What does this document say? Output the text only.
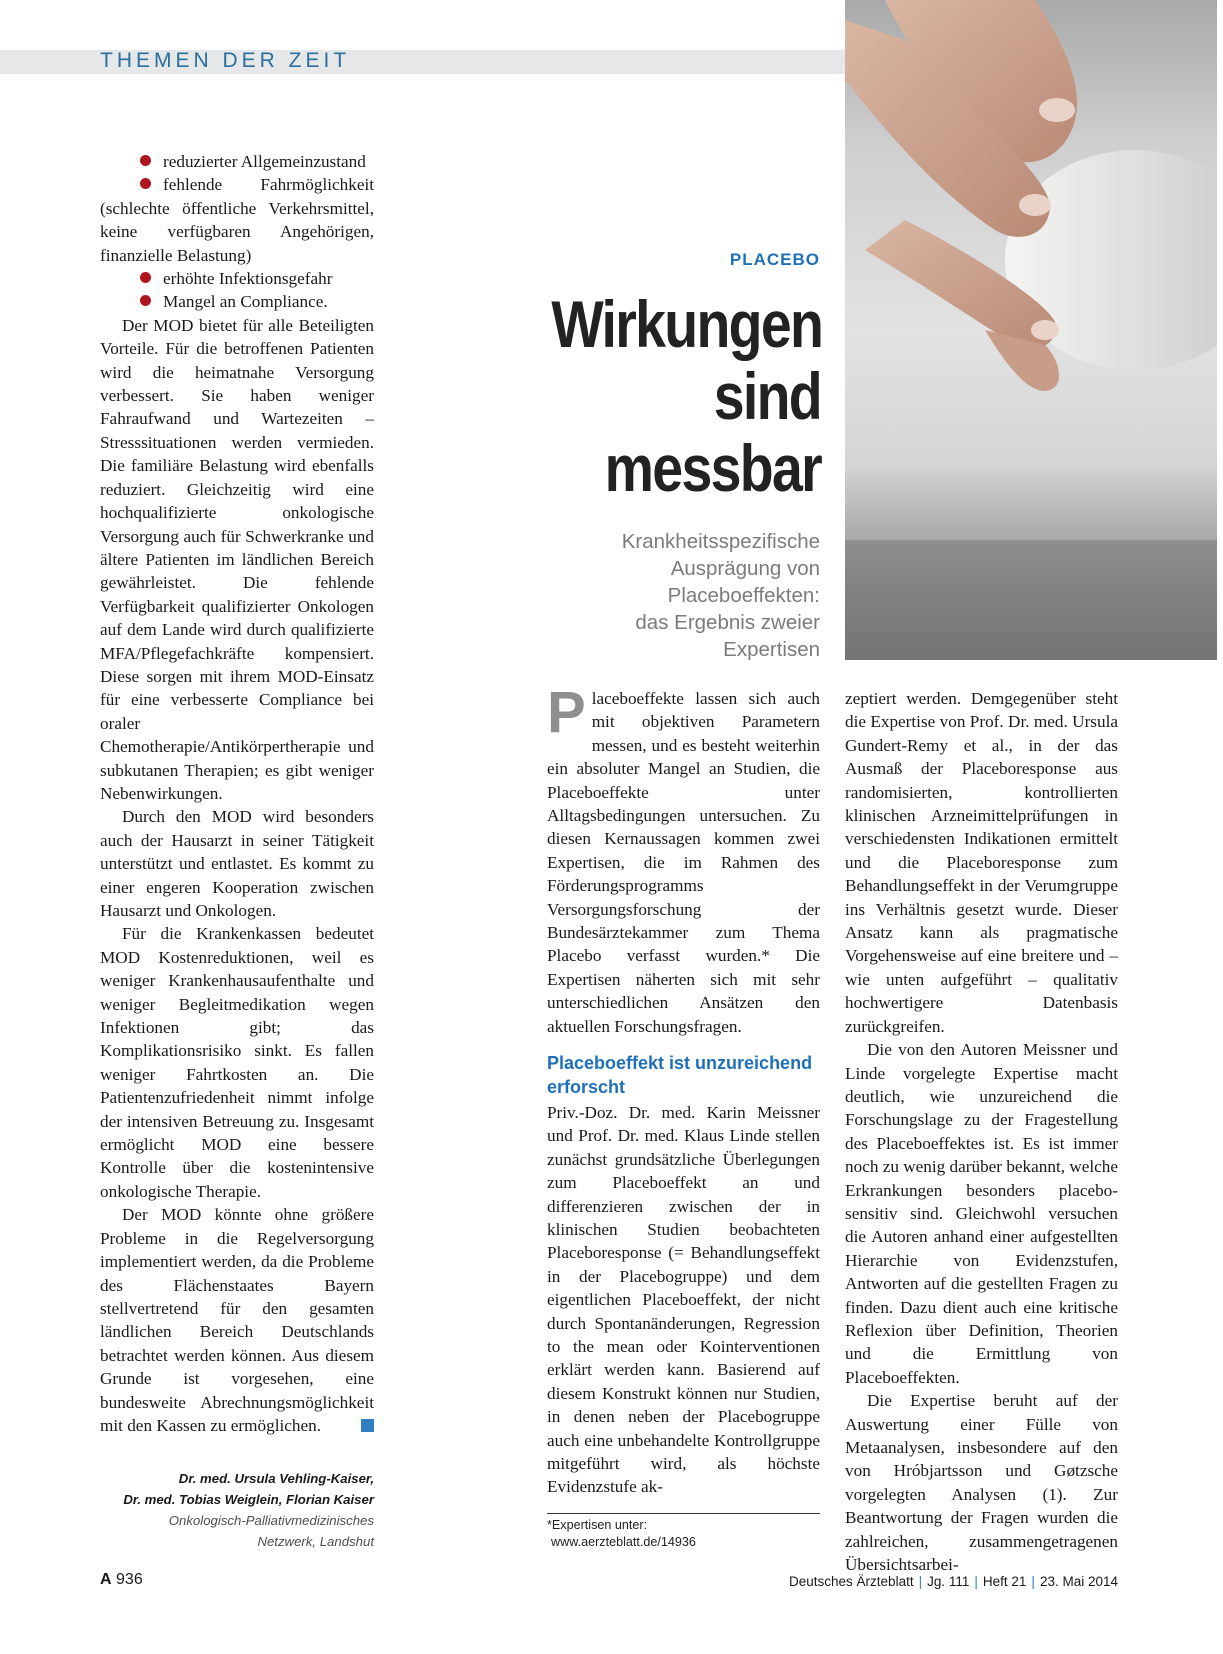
THEMEN DER ZEIT

reduzierter Allgemeinzustand

fehlende Fahrmöglichkeit (schlechte öffentliche Verkehrsmittel, keine verfügbaren Angehörigen, finanzielle Belastung)

erhöhte Infektionsgefahr

Mangel an Compliance.

Der MOD bietet für alle Beteiligten Vorteile. Für die betroffenen Patienten wird die heimatnahe Versorgung verbessert. Sie haben weniger Fahraufwand und Wartezeiten – Stresssituationen werden vermieden. Die familiäre Belastung wird ebenfalls reduziert. Gleichzeitig wird eine hochqualifizierte onkologische Versorgung auch für Schwerkranke und ältere Patienten im ländlichen Bereich gewährleistet. Die fehlende Verfügbarkeit qualifizierter Onkologen auf dem Lande wird durch qualifizierte MFA/Pflegefachkräfte kompensiert. Diese sorgen mit ihrem MOD-Einsatz für eine verbesserte Compliance bei oraler Chemotherapie/Antikörpertherapie und subkutanen Therapien; es gibt weniger Nebenwirkungen.

Durch den MOD wird besonders auch der Hausarzt in seiner Tätigkeit unterstützt und entlastet. Es kommt zu einer engeren Kooperation zwischen Hausarzt und Onkologen.

Für die Krankenkassen bedeutet MOD Kostenreduktionen, weil es weniger Krankenhausaufenthalte und weniger Begleitmedikation wegen Infektionen gibt; das Komplikationsrisiko sinkt. Es fallen weniger Fahrtkosten an. Die Patientenzufriedenheit nimmt infolge der intensiven Betreuung zu. Insgesamt ermöglicht MOD eine bessere Kontrolle über die kostenintensive onkologische Therapie.

Der MOD könnte ohne größere Probleme in die Regelversorgung implementiert werden, da die Probleme des Flächenstaates Bayern stellvertretend für den gesamten ländlichen Bereich Deutschlands betrachtet werden können. Aus diesem Grunde ist vorgesehen, eine bundesweite Abrechnungsmöglichkeit mit den Kassen zu ermöglichen.

Dr. med. Ursula Vehling-Kaiser,
Dr. med. Tobias Weiglein, Florian Kaiser
Onkologisch-Palliativmedizinisches
Netzwerk, Landshut
PLACEBO
Wirkungen
sind
messbar
Krankheitsspezifische
Ausprägung von
Placeboeffekten:
das Ergebnis zweier
Expertisen

Placeboeffekte lassen sich auch mit objektiven Parametern messen, und es besteht weiterhin ein absoluter Mangel an Studien, die Placeboeffekte unter Alltagsbedingungen untersuchen. Zu diesen Kernaussagen kommen zwei Expertisen, die im Rahmen des Förderungsprogramms Versorgungsforschung der Bundesärztekammer zum Thema Placebo verfasst wurden.* Die Expertisen näherten sich mit sehr unterschiedlichen Ansätzen den aktuellen Forschungsfragen.

Placeboeffekt ist unzureichend erforscht

Priv.-Doz. Dr. med. Karin Meissner und Prof. Dr. med. Klaus Linde stellen zunächst grundsätzliche Überlegungen zum Placeboeffekt an und differenzieren zwischen der in klinischen Studien beobachteten Placeboresponse (= Behandlungseffekt in der Placebogruppe) und dem eigentlichen Placeboeffekt, der nicht durch Spontanänderungen, Regression to the mean oder Kointerventionen erklärt werden kann. Basierend auf diesem Konstrukt können nur Studien, in denen neben der Placebogruppe auch eine unbehandelte Kontrollgruppe mitgeführt wird, als höchste Evidenzstufe ak-

*Expertisen unter:
www.aerzteblatt.de/14936

zeptiert werden. Demgegenüber steht die Expertise von Prof. Dr. med. Ursula Gundert-Remy et al., in der das Ausmaß der Placeboresponse aus randomisierten, kontrollierten klinischen Arzneimittelprüfungen in verschiedensten Indikationen ermittelt und die Placeboresponse zum Behandlungseffekt in der Verumgruppe ins Verhältnis gesetzt wurde. Dieser Ansatz kann als pragmatische Vorgehensweise auf eine breitere und – wie unten aufgeführt – qualitativ hochwertigere Datenbasis zurückgreifen.

Die von den Autoren Meissner und Linde vorgelegte Expertise macht deutlich, wie unzureichend die Forschungslage zu der Fragestellung des Placeboeffektes ist. Es ist immer noch zu wenig darüber bekannt, welche Erkrankungen besonders placebo-sensitiv sind. Gleichwohl versuchen die Autoren anhand einer aufgestellten Hierarchie von Evidenzstufen, Antworten auf die gestellten Fragen zu finden. Dazu dient auch eine kritische Reflexion über Definition, Theorien und die Ermittlung von Placeboeffekten.

Die Expertise beruht auf der Auswertung einer Fülle von Metaanalysen, insbesondere auf den von Hróbjartsson und Gøtzsche vorgelegten Analysen (1). Zur Beantwortung der Fragen wurden die zahlreichen, zusammengetragenen Übersichtsarbei-

A 936	Deutsches Ärzteblatt | Jg. 111 | Heft 21 | 23. Mai 2014
